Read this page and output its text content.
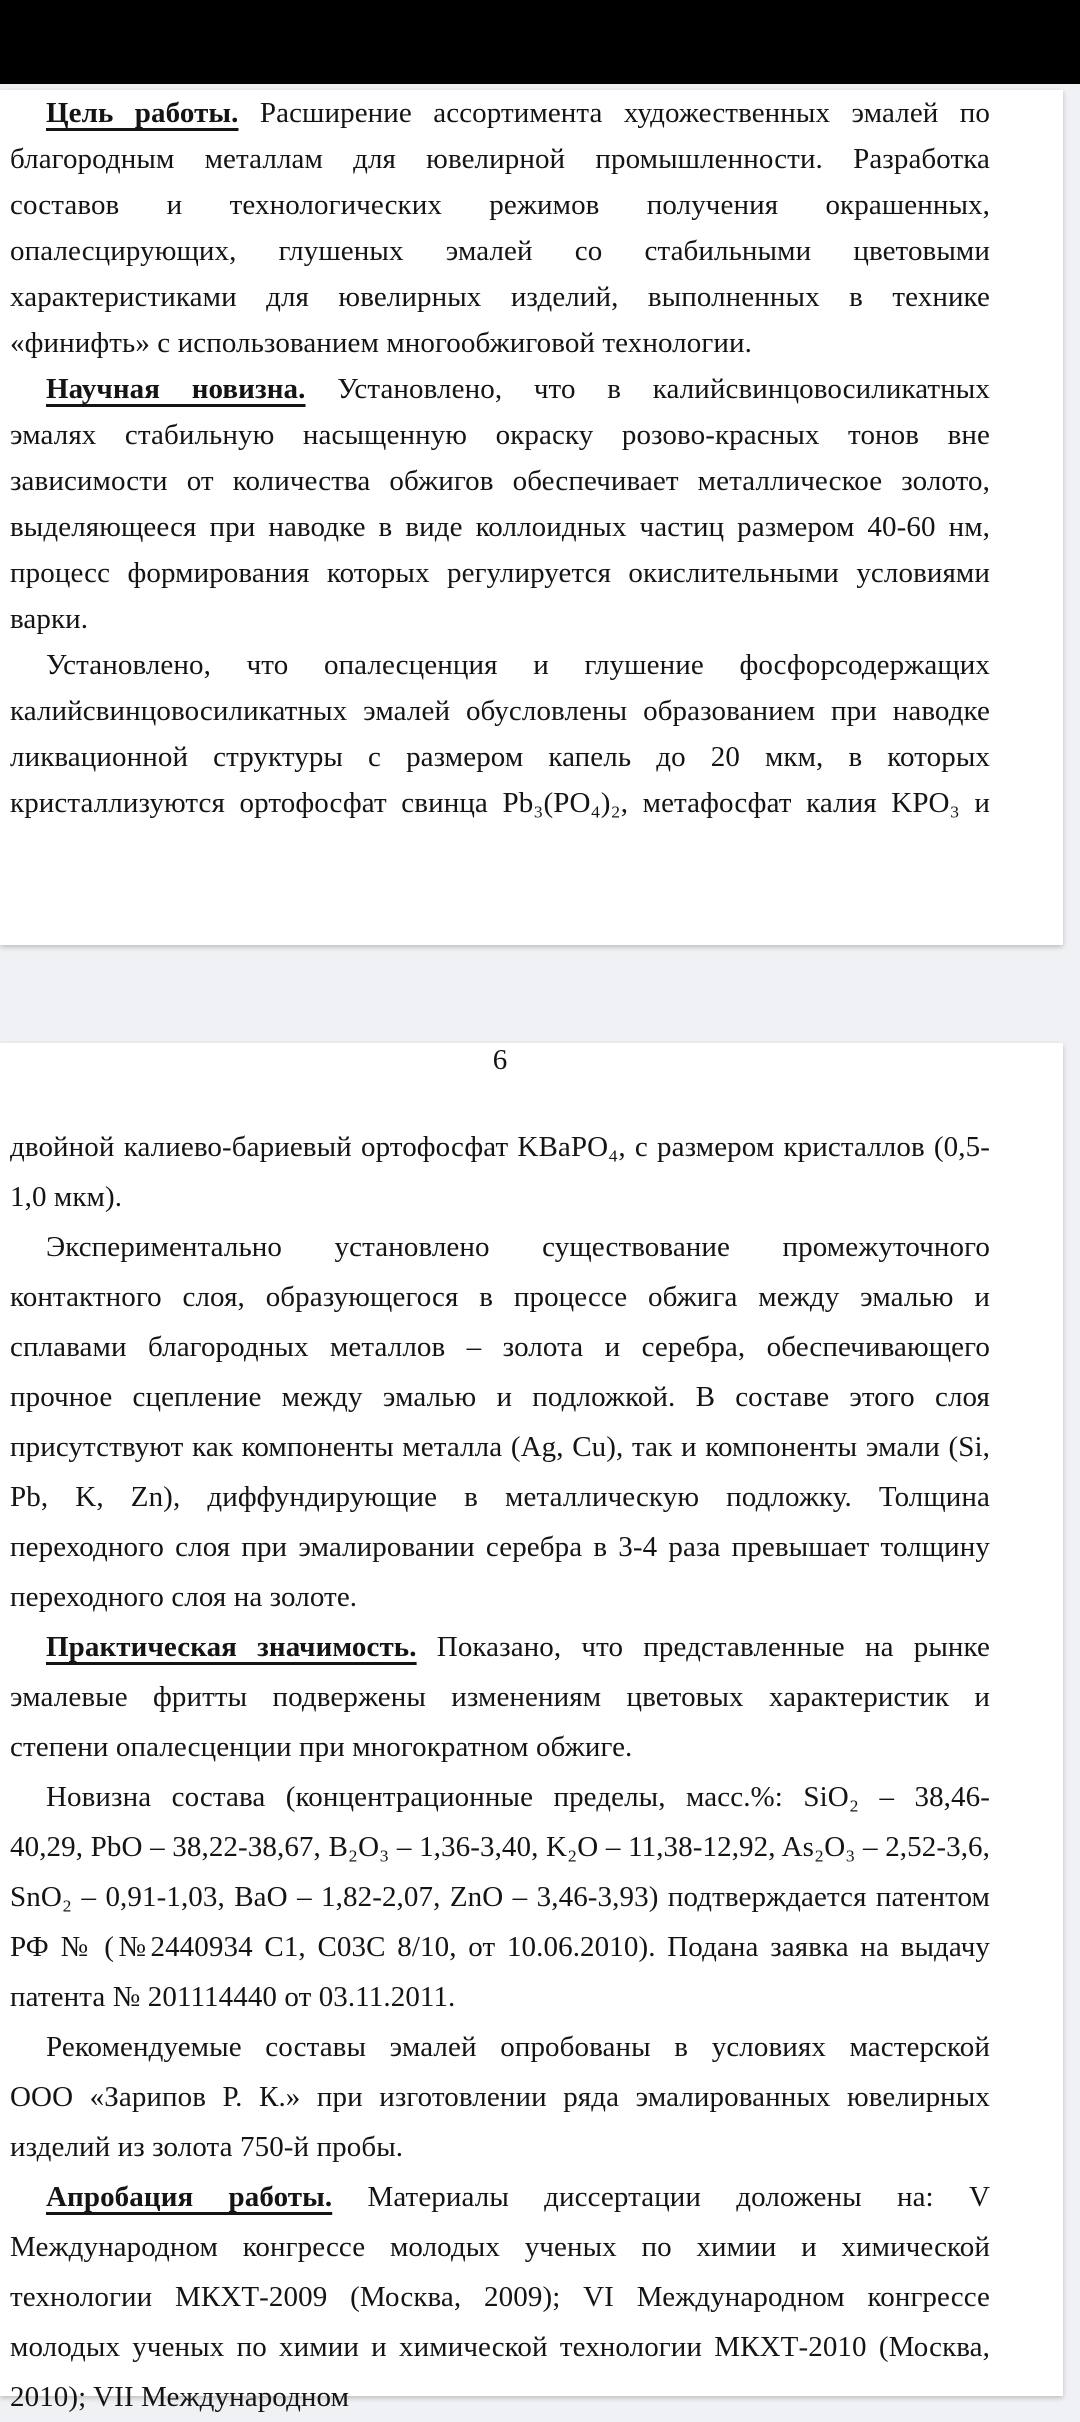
Цель работы. Расширение ассортимента художественных эмалей по
благородным металлам для ювелирной промышленности. Разработка
составов и технологических режимов получения окрашенных,
опалесцирующих, глушеных эмалей со стабильными цветовыми
характеристиками для ювелирных изделий, выполненных в технике
«финифть» с использованием многообжиговой технологии.
Научная новизна. Установлено, что в калийсвинцовосиликатных
эмалях стабильную насыщенную окраску розово-красных тонов вне
зависимости от количества обжигов обеспечивает металлическое золото,
выделяющееся при наводке в виде коллоидных частиц размером 40-60 нм,
процесс формирования которых регулируется окислительными условиями
варки.
Установлено, что опалесценция и глушение фосфорсодержащих
калийсвинцовосиликатных эмалей обусловлены образованием при наводке
ликвационной структуры с размером капель до 20 мкм, в которых
кристаллизуются ортофосфат свинца Pb₃(PO₄)₂, метафосфат калия KPO₃ и
6
двойной калиево-бариевый ортофосфат KBaPO₄, с размером кристаллов (0,5-
1,0 мкм).
Экспериментально установлено существование промежуточного
контактного слоя, образующегося в процессе обжига между эмалью и
сплавами благородных металлов – золота и серебра, обеспечивающего
прочное сцепление между эмалью и подложкой. В составе этого слоя
присутствуют как компоненты металла (Ag, Cu), так и компоненты эмали (Si,
Pb, K, Zn), диффундирующие в металлическую подложку. Толщина
переходного слоя при эмалировании серебра в 3-4 раза превышает толщину
переходного слоя на золоте.
Практическая значимость. Показано, что представленные на рынке
эмалевые фритты подвержены изменениям цветовых характеристик и
степени опалесценции при многократном обжиге.
Новизна состава (концентрационные пределы, масс.%: SiO₂ – 38,46-
40,29, PbO – 38,22-38,67, B₂O₃ – 1,36-3,40, K₂O – 11,38-12,92, As₂O₃ – 2,52-3,6,
SnO₂ – 0,91-1,03, BaO – 1,82-2,07, ZnO – 3,46-3,93) подтверждается патентом
РФ № (№2440934 C1, C03C 8/10, от 10.06.2010). Подана заявка на выдачу
патента № 201114440 от 03.11.2011.
Рекомендуемые составы эмалей опробованы в условиях мастерской
ООО «Зарипов Р. К.» при изготовлении ряда эмалированных ювелирных
изделий из золота 750-й пробы.
Апробация работы. Материалы диссертации доложены на: V
Международном конгрессе молодых ученых по химии и химической
технологии МКХТ-2009 (Москва, 2009); VI Международном конгрессе
молодых ученых по химии и химической технологии МКХТ-2010 (Москва,
2010); VII Международном
